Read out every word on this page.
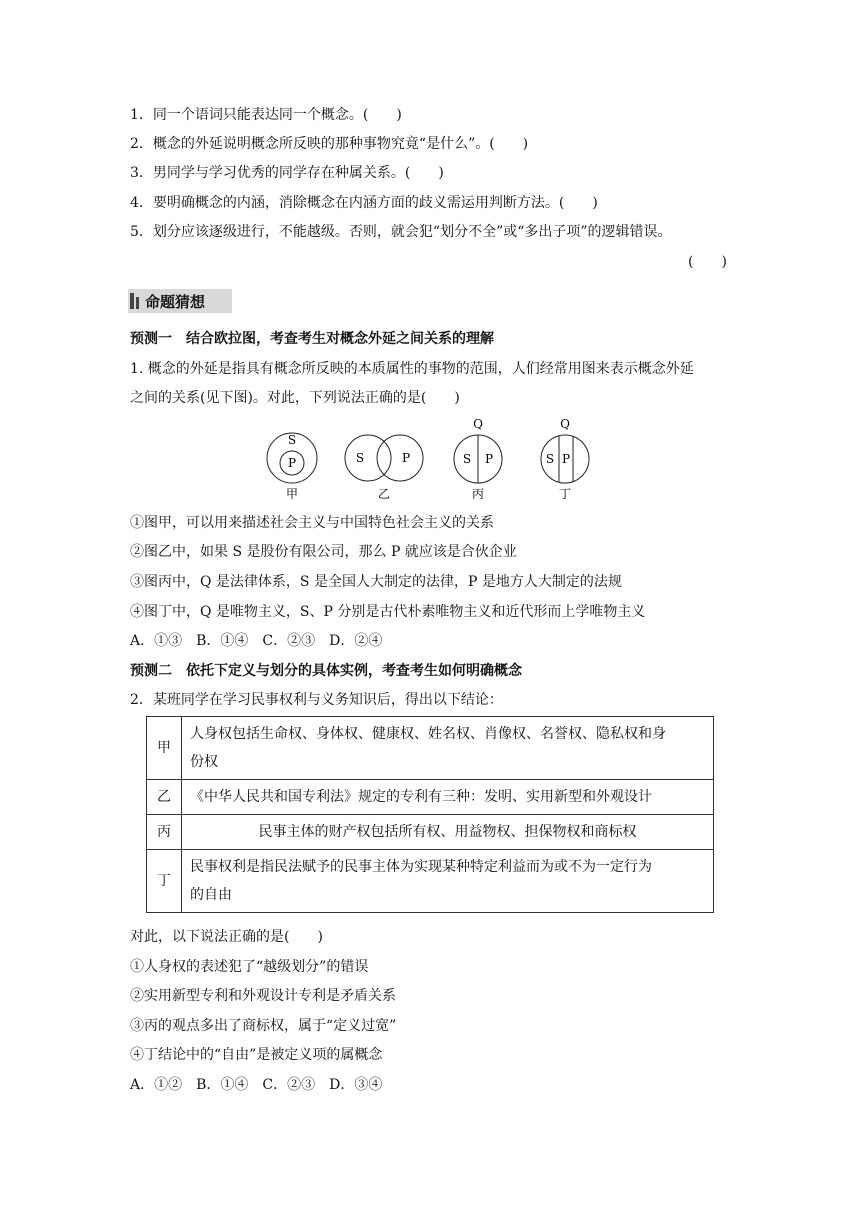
1．同一个语词只能表达同一个概念。(　　)
2．概念的外延说明概念所反映的那种事物究竟“是什么”。(　　)
3．男同学与学习优秀的同学存在种属关系。(　　)
4．要明确概念的内涵，消除概念在内涵方面的歧义需运用判断方法。(　　)
5．划分应该逐级进行，不能越级。否则，就会犯“划分不全”或“多出子项”的逻辑错误。
(　　)
命题猜想
预测一　结合欧拉图，考查考生对概念外延之间关系的理解
1. 概念的外延是指具有概念所反映的本质属性的事物的范围，人们经常用图来表示概念外延
之间的关系(见下图)。对此，下列说法正确的是(　　)
S
P
甲
S	P
乙
Q
S P
丙
Q
S P
丁
①图甲，可以用来描述社会主义与中国特色社会主义的关系
②图乙中，如果 S 是股份有限公司，那么 P 就应该是合伙企业
③图丙中，Q 是法律体系，S 是全国人大制定的法律，P 是地方人大制定的法规
④图丁中，Q 是唯物主义，S、P 分别是古代朴素唯物主义和近代形而上学唯物主义
A．①③　B．①④　C．②③　D．②④
预测二　依托下定义与划分的具体实例，考查考生如何明确概念
2．某班同学在学习民事权利与义务知识后，得出以下结论：
甲	人身权包括生命权、身体权、健康权、姓名权、肖像权、名誉权、隐私权和身
份权

乙	《中华人民共和国专利法》规定的专利有三种：发明、实用新型和外观设计
丙	民事主体的财产权包括所有权、用益物权、担保物权和商标权
丁	民事权利是指民法赋予的民事主体为实现某种特定利益而为或不为一定行为
的自由
对此，以下说法正确的是(　　)
①人身权的表述犯了“越级划分”的错误
②实用新型专利和外观设计专利是矛盾关系
③丙的观点多出了商标权，属于“定义过宽”
④丁结论中的“自由”是被定义项的属概念
A．①②　B．①④　C．②③　D．③④
